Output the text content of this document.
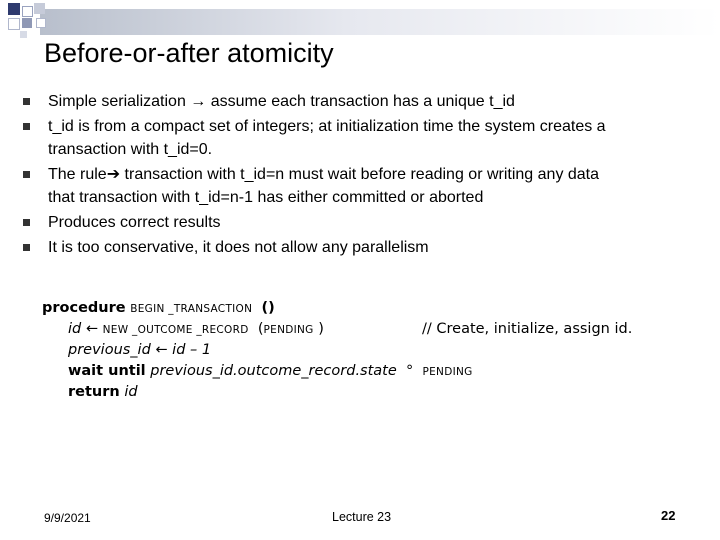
Before-or-after atomicity
Simple serialization → assume each transaction has a unique t_id
t_id is from a compact set of integers; at initialization time the system creates a
transaction with t_id=0.
The rule➔ transaction with t_id=n must wait before reading or writing any data
that transaction with t_id=n-1 has either committed or aborted
Produces correct results
It is too conservative, it does not allow any parallelism
procedure BEGIN _TRANSACTION ()
id ← NEW _OUTCOME _RECORD (PENDING )	// Create, initialize, assign id.
previous_id ← id – 1
wait until previous_id.outcome_record.state ° PENDING
return id
9/9/2021	Lecture 23	22
